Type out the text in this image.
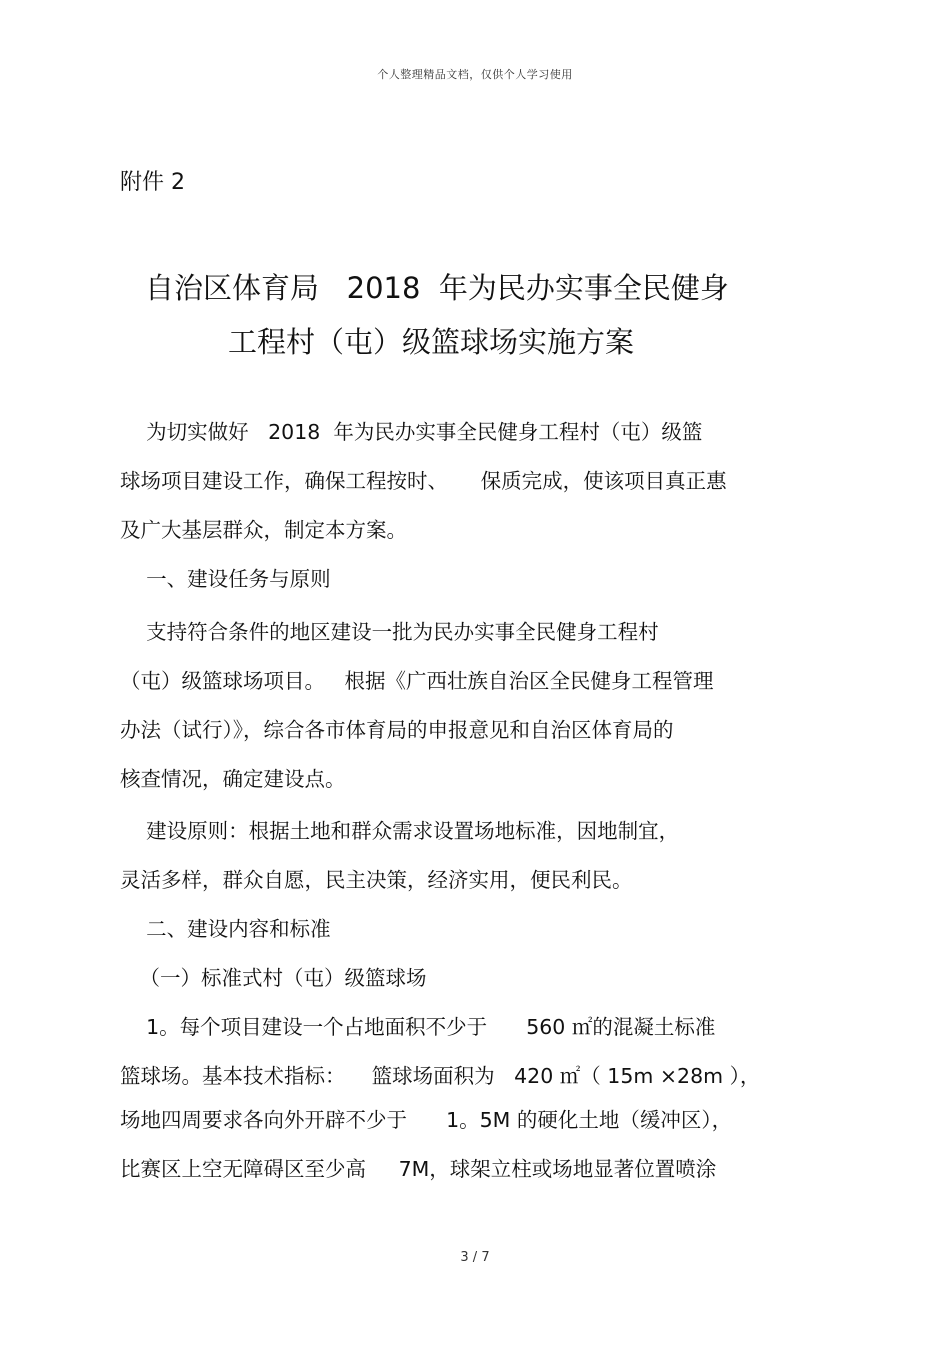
个人整理精品文档，仅供个人学习使用
附件 2
自治区体育局   2018  年为民办实事全民健身
工程村（屯）级篮球场实施方案
为切实做好   2018  年为民办实事全民健身工程村（屯）级篮
球场项目建设工作，确保工程按时、     保质完成，使该项目真正惠
及广大基层群众，制定本方案。
一、建设任务与原则
支持符合条件的地区建设一批为民办实事全民健身工程村
（屯）级篮球场项目。   根据《广西壮族自治区全民健身工程管理
办法（试行）》，综合各市体育局的申报意见和自治区体育局的
核查情况，确定建设点。
建设原则：根据土地和群众需求设置场地标准，因地制宜，
灵活多样，群众自愿，民主决策，经济实用，便民利民。
二、建设内容和标准
（一）标准式村（屯）级篮球场
1。每个项目建设一个占地面积不少于      560 ㎡的混凝土标准
篮球场。基本技术指标：    篮球场面积为   420 ㎡（ 15m ×28m ），
场地四周要求各向外开辟不少于      1。5M 的硬化土地（缓冲区），
比赛区上空无障碍区至少高     7M，球架立柱或场地显著位置喷涂
3 / 7
